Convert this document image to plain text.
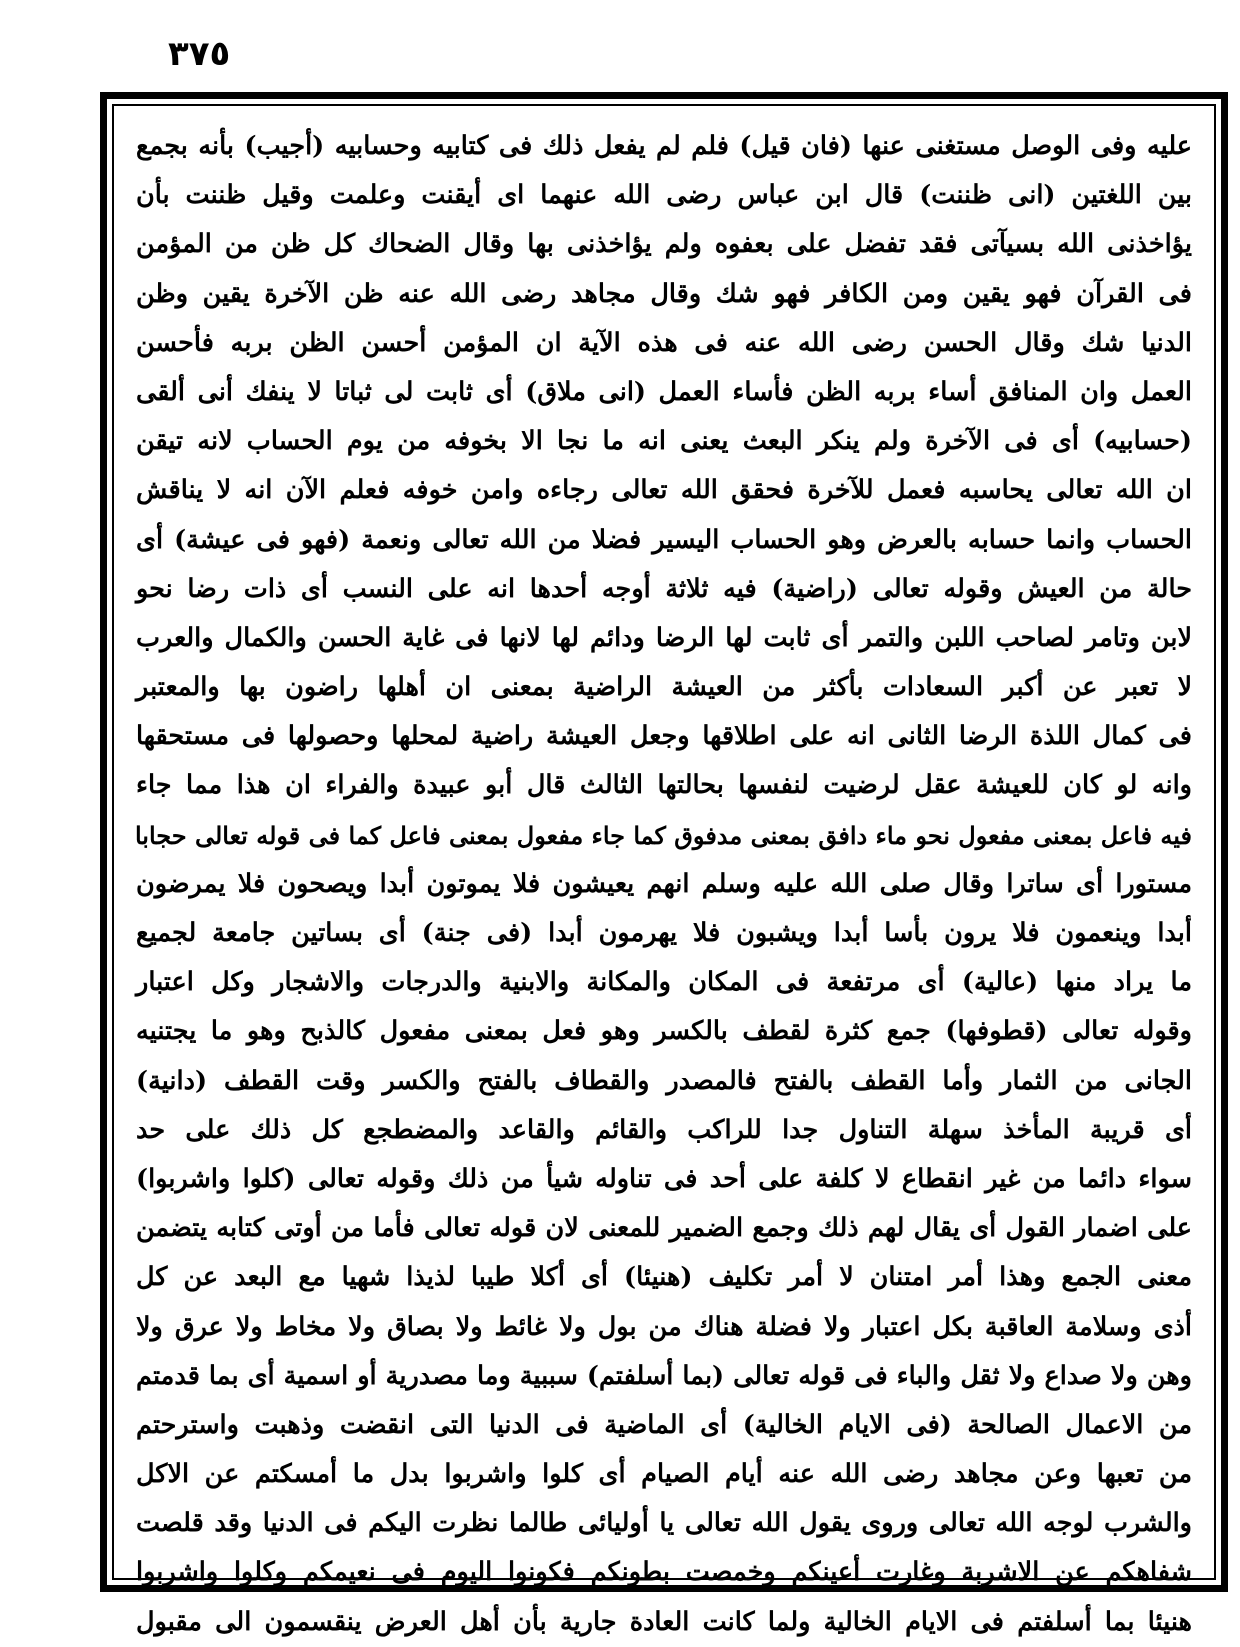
٣٧٥
عليه وفى الوصل مستغنى عنها (فان قيل) فلم لم يفعل ذلك فى كتابيه وحسابيه (أجيب) بأنه بجمع
بين اللغتين (انى ظننت) قال ابن عباس رضى الله عنهما اى أيقنت وعلمت وقيل ظننت بأن
يؤاخذنى الله بسيآتى فقد تفضل على بعفوه ولم يؤاخذنى بها وقال الضحاك كل ظن من المؤمن
فى القرآن فهو يقين ومن الكافر فهو شك وقال مجاهد رضى الله عنه ظن الآخرة يقين وظن
الدنيا شك وقال الحسن رضى الله عنه فى هذه الآية ان المؤمن أحسن الظن بربه فأحسن
العمل وان المنافق أساء بربه الظن فأساء العمل (انى ملاق) أى ثابت لى ثباتا لا ينفك أنى ألقى
(حسابيه) أى فى الآخرة ولم ينكر البعث يعنى انه ما نجا الا بخوفه من يوم الحساب لانه تيقن
ان الله تعالى يحاسبه فعمل للآخرة فحقق الله تعالى رجاءه وامن خوفه فعلم الآن انه لا يناقش
الحساب وانما حسابه بالعرض وهو الحساب اليسير فضلا من الله تعالى ونعمة (فهو فى عيشة) أى
حالة من العيش وقوله تعالى (راضية) فيه ثلاثة أوجه أحدها انه على النسب أى ذات رضا نحو
لابن وتامر لصاحب اللبن والتمر أى ثابت لها الرضا ودائم لها لانها فى غاية الحسن والكمال والعرب
لا تعبر عن أكبر السعادات بأكثر من العيشة الراضية بمعنى ان أهلها راضون بها والمعتبر
فى كمال اللذة الرضا الثانى انه على اطلاقها وجعل العيشة راضية لمحلها وحصولها فى مستحقها
وانه لو كان للعيشة عقل لرضيت لنفسها بحالتها الثالث قال أبو عبيدة والفراء ان هذا مما جاء
فيه فاعل بمعنى مفعول نحو ماء دافق بمعنى مدفوق كما جاء مفعول بمعنى فاعل كما فى قوله تعالى حجابا
مستورا أى ساترا وقال صلى الله عليه وسلم انهم يعيشون فلا يموتون أبدا ويصحون فلا يمرضون
أبدا وينعمون فلا يرون بأسا أبدا ويشبون فلا يهرمون أبدا (فى جنة) أى بساتين جامعة لجميع
ما يراد منها (عالية) أى مرتفعة فى المكان والمكانة والابنية والدرجات والاشجار وكل اعتبار
وقوله تعالى (قطوفها) جمع كثرة لقطف بالكسر وهو فعل بمعنى مفعول كالذبح وهو ما يجتنيه
الجانى من الثمار وأما القطف بالفتح فالمصدر والقطاف بالفتح والكسر وقت القطف (دانية)
أى قريبة المأخذ سهلة التناول جدا للراكب والقائم والقاعد والمضطجع كل ذلك على حد
سواء دائما من غير انقطاع لا كلفة على أحد فى تناوله شيأ من ذلك وقوله تعالى (كلوا واشربوا)
على اضمار القول أى يقال لهم ذلك وجمع الضمير للمعنى لان قوله تعالى فأما من أوتى كتابه يتضمن
معنى الجمع وهذا أمر امتنان لا أمر تكليف (هنيئا) أى أكلا طيبا لذيذا شهيا مع البعد عن كل
أذى وسلامة العاقبة بكل اعتبار ولا فضلة هناك من بول ولا غائط ولا بصاق ولا مخاط ولا عرق ولا
وهن ولا صداع ولا ثقل والباء فى قوله تعالى (بما أسلفتم) سببية وما مصدرية أو اسمية أى بما قدمتم
من الاعمال الصالحة (فى الايام الخالية) أى الماضية فى الدنيا التى انقضت وذهبت واسترحتم
من تعبها وعن مجاهد رضى الله عنه أيام الصيام أى كلوا واشربوا بدل ما أمسكتم عن الاكل
والشرب لوجه الله تعالى وروى يقول الله تعالى يا أوليائى طالما نظرت اليكم فى الدنيا وقد قلصت
شفاهكم عن الاشربة وغارت أعينكم وخمصت بطونكم فكونوا اليوم فى نعيمكم وكلوا واشربوا
هنيئا بما أسلفتم فى الايام الخالية ولما كانت العادة جارية بأن أهل العرض ينقسمون الى مقبول
